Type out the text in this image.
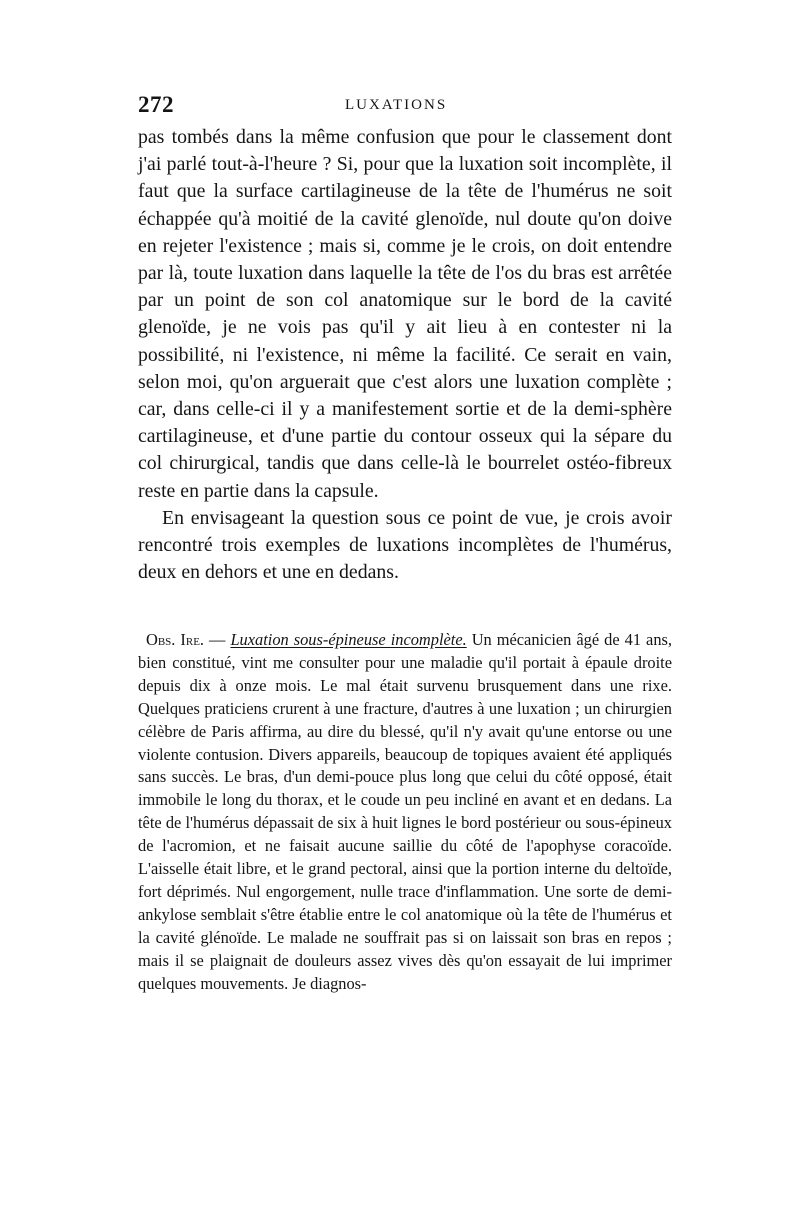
272	LUXATIONS

pas tombés dans la même confusion que pour le classement dont j'ai parlé tout-à-l'heure ? Si, pour que la luxation soit incomplète, il faut que la surface cartilagineuse de la tête de l'humérus ne soit échappée qu'à moitié de la cavité glenoïde, nul doute qu'on doive en rejeter l'existence ; mais si, comme je le crois, on doit entendre par là, toute luxation dans laquelle la tête de l'os du bras est arrêtée par un point de son col anatomique sur le bord de la cavité glenoïde, je ne vois pas qu'il y ait lieu à en contester ni la possibilité, ni l'existence, ni même la facilité. Ce serait en vain, selon moi, qu'on arguerait que c'est alors une luxation complète ; car, dans celle-ci il y a manifestement sortie et de la demi-sphère cartilagineuse, et d'une partie du contour osseux qui la sépare du col chirurgical, tandis que dans celle-là le bourrelet ostéo-fibreux reste en partie dans la capsule.

En envisageant la question sous ce point de vue, je crois avoir rencontré trois exemples de luxations incomplètes de l'humérus, deux en dehors et une en dedans.

Obs. Ire. — Luxation sous-épineuse incomplète. Un mécanicien âgé de 41 ans, bien constitué, vint me consulter pour une maladie qu'il portait à épaule droite depuis dix à onze mois. Le mal était survenu brusquement dans une rixe. Quelques praticiens crurent à une fracture, d'autres à une luxation ; un chirurgien célèbre de Paris affirma, au dire du blessé, qu'il n'y avait qu'une entorse ou une violente contusion. Divers appareils, beaucoup de topiques avaient été appliqués sans succès. Le bras, d'un demi-pouce plus long que celui du côté opposé, était immobile le long du thorax, et le coude un peu incliné en avant et en dedans. La tête de l'humérus dépassait de six à huit lignes le bord postérieur ou sous-épineux de l'acromion, et ne faisait aucune saillie du côté de l'apophyse coracoïde. L'aisselle était libre, et le grand pectoral, ainsi que la portion interne du deltoïde, fort déprimés. Nul engorgement, nulle trace d'inflammation. Une sorte de demi-ankylose semblait s'être établie entre le col anatomique où la tête de l'humérus et la cavité glénoïde. Le malade ne souffrait pas si on laissait son bras en repos ; mais il se plaignait de douleurs assez vives dès qu'on essayait de lui imprimer quelques mouvements. Je diagnos-
